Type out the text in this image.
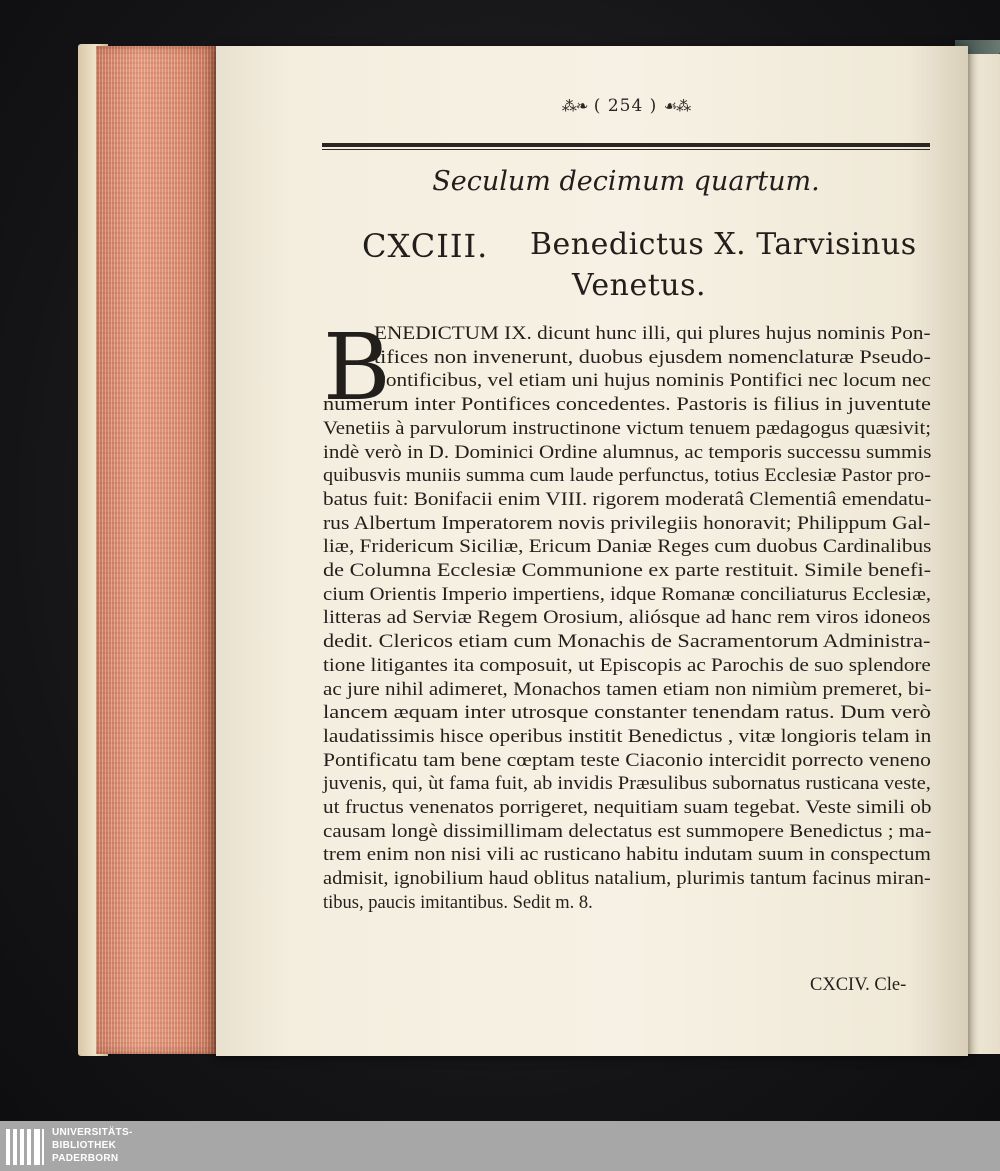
⁂❧ ( 254 ) ☙⁂
Seculum decimum quartum.
CXCIII. Benedictus X. Tarvisinus
Venetus.
B
ENEDICTUM IX. dicunt hunc illi, qui plures hujus nominis Pon-
tifices non invenerunt, duobus ejusdem nomenclaturæ Pseudo-
Pontificibus, vel etiam uni hujus nominis Pontifici nec locum nec
numerum inter Pontifices concedentes. Pastoris is filius in juventute
Venetiis à parvulorum instructinone victum tenuem pædagogus quæsivit;
indè verò in D. Dominici Ordine alumnus, ac temporis successu summis
quibusvis muniis summa cum laude perfunctus, totius Ecclesiæ Pastor pro-
batus fuit: Bonifacii enim VIII. rigorem moderatâ Clementiâ emendatu-
rus Albertum Imperatorem novis privilegiis honoravit; Philippum Gal-
liæ, Fridericum Siciliæ, Ericum Daniæ Reges cum duobus Cardinalibus
de Columna Ecclesiæ Communione ex parte restituit. Simile benefi-
cium Orientis Imperio impertiens, idque Romanæ conciliaturus Ecclesiæ,
litteras ad Serviæ Regem Orosium, aliósque ad hanc rem viros idoneos
dedit. Clericos etiam cum Monachis de Sacramentorum Administra-
tione litigantes ita composuit, ut Episcopis ac Parochis de suo splendore
ac jure nihil adimeret, Monachos tamen etiam non nimiùm premeret, bi-
lancem æquam inter utrosque constanter tenendam ratus. Dum verò
laudatissimis hisce operibus institit Benedictus , vitæ longioris telam in
Pontificatu tam bene cœptam teste Ciaconio intercidit porrecto veneno
juvenis, qui, ùt fama fuit, ab invidis Præsulibus subornatus rusticana veste,
ut fructus venenatos porrigeret, nequitiam suam tegebat. Veste simili ob
causam longè dissimillimam delectatus est summopere Benedictus ; ma-
trem enim non nisi vili ac rusticano habitu indutam suum in conspectum
admisit, ignobilium haud oblitus natalium, plurimis tantum facinus miran-
tibus, paucis imitantibus. Sedit m. 8.
CXCIV. Cle-
UNIVERSITÄTS-
BIBLIOTHEK
PADERBORN
